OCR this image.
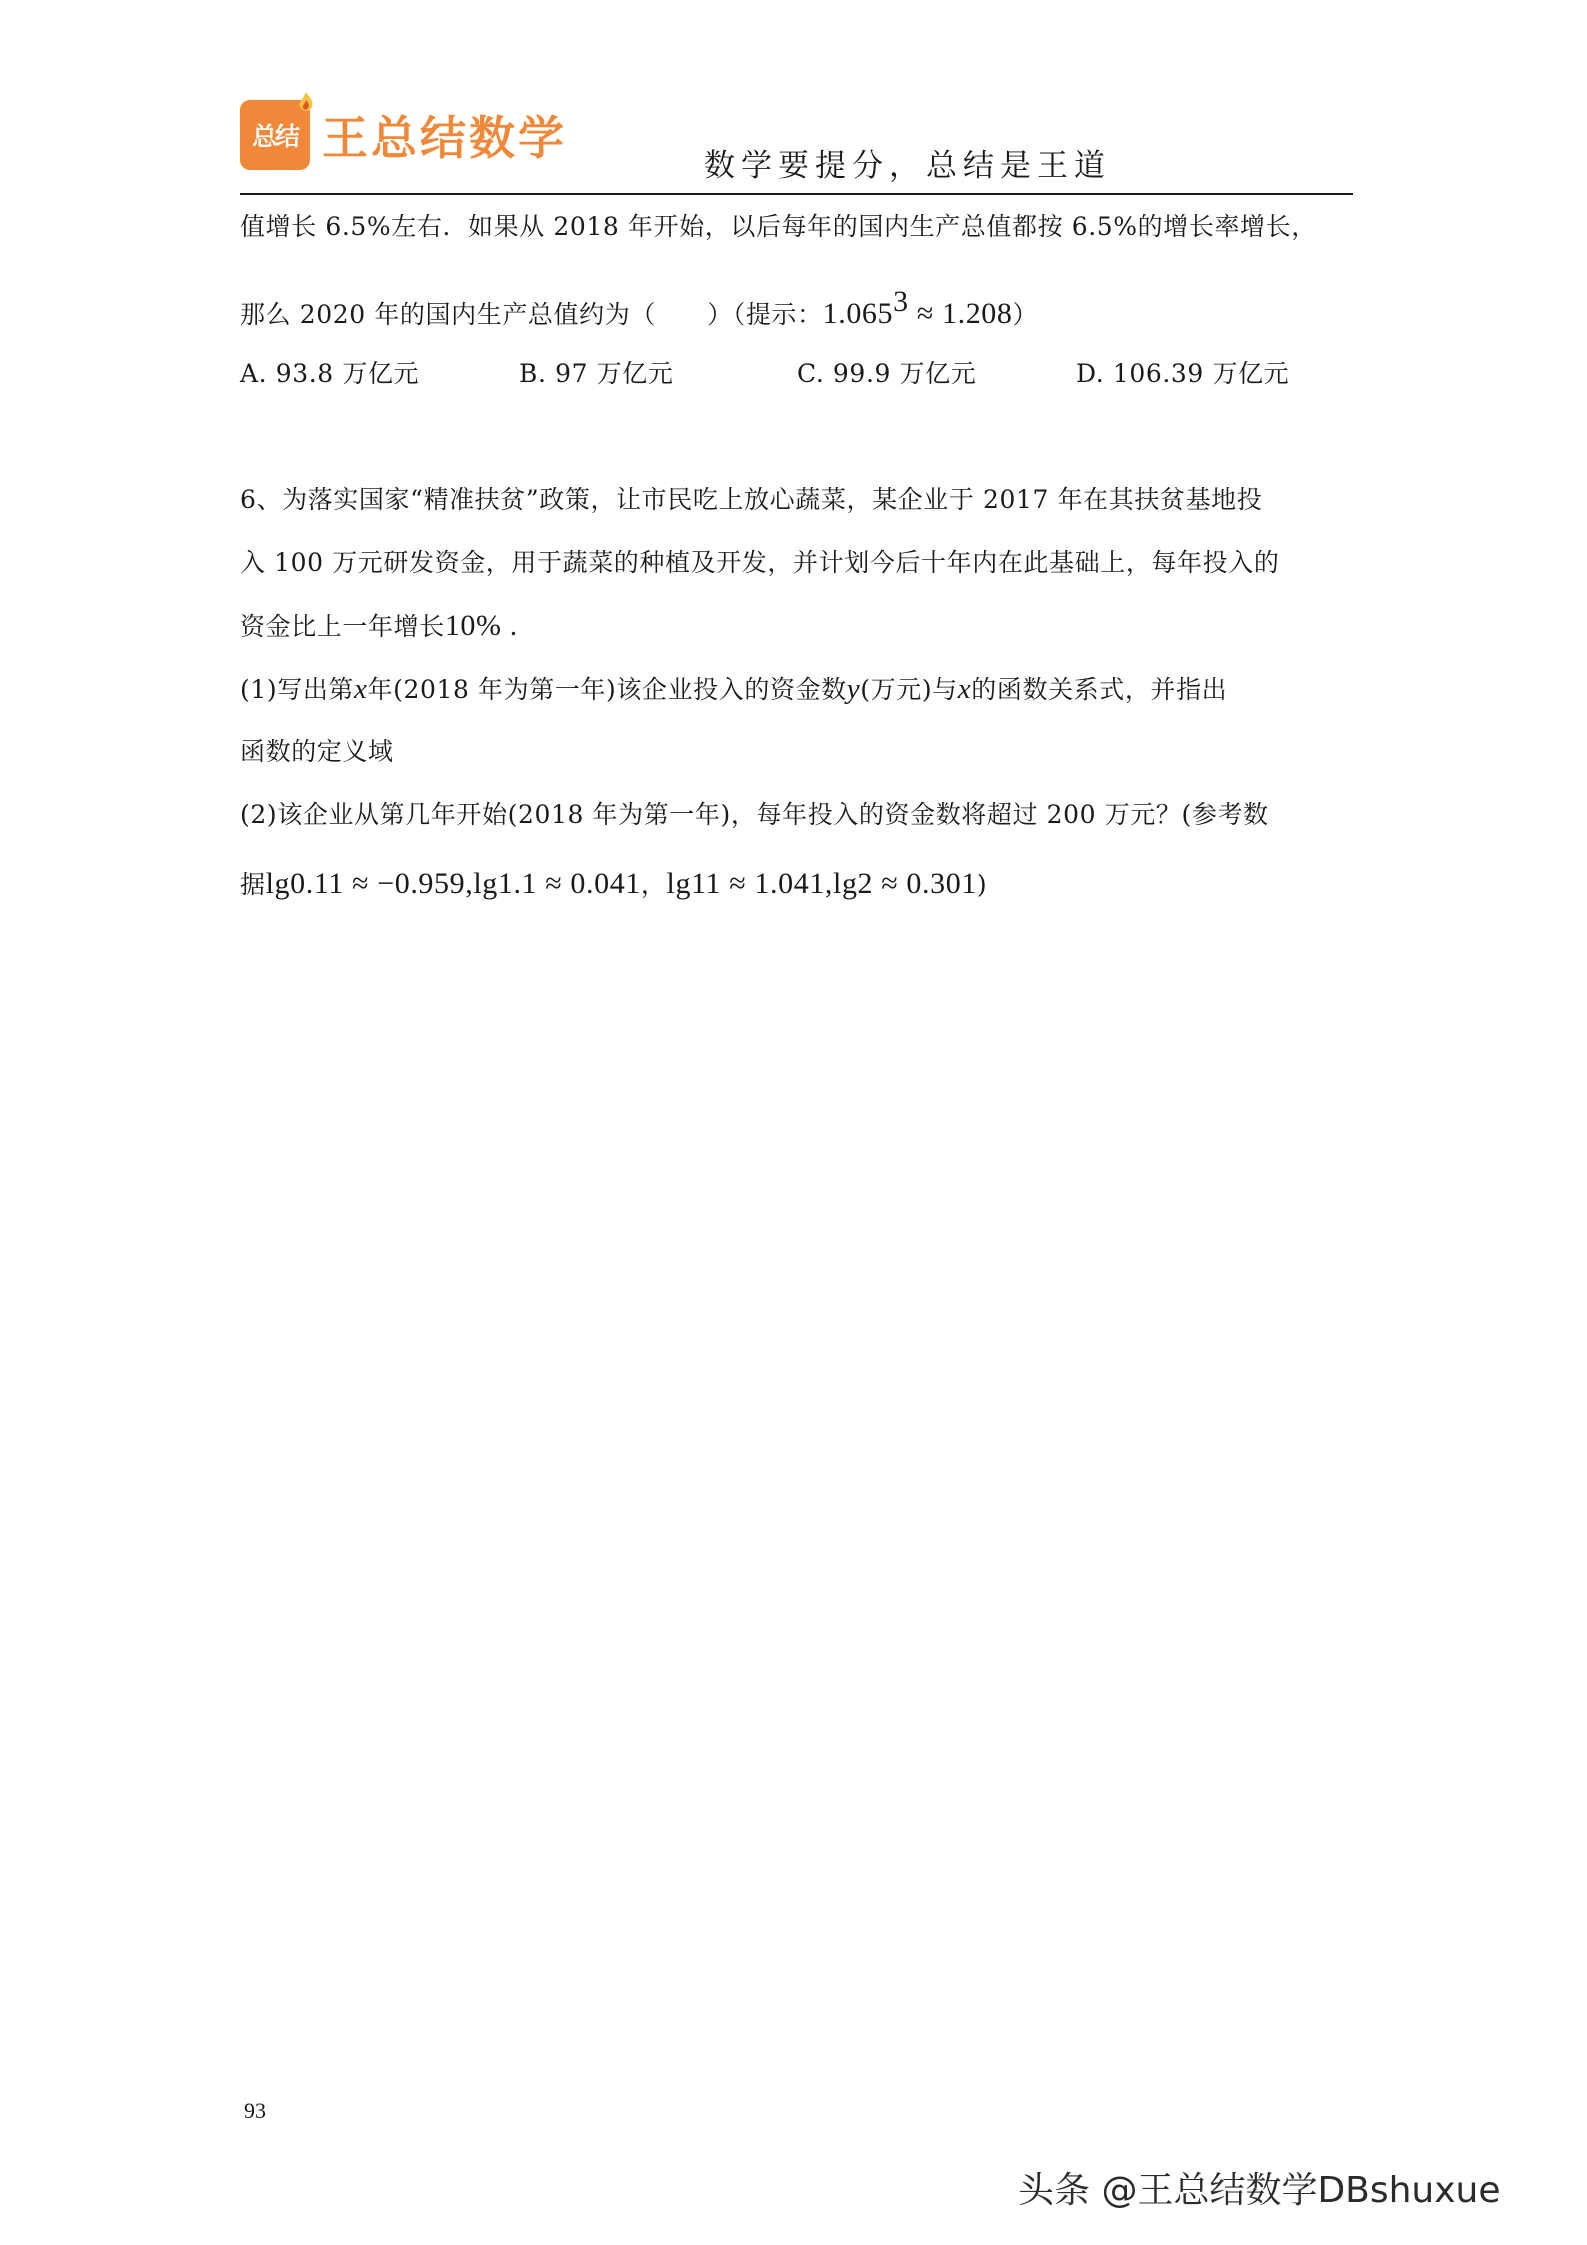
总结 王总结数学
数学要提分，总结是王道
值增长 6.5%左右．如果从 2018 年开始，以后每年的国内生产总值都按 6.5%的增长率增长，
那么 2020 年的国内生产总值约为（　　）（提示：$1.065^3 \approx 1.208$）
A. 93.8 万亿元	B. 97 万亿元	C. 99.9 万亿元	D. 106.39 万亿元
6、为落实国家“精准扶贫”政策，让市民吃上放心蔬菜，某企业于 2017 年在其扶贫基地投
入 100 万元研发资金，用于蔬菜的种植及开发，并计划今后十年内在此基础上，每年投入的
资金比上一年增长10% .
(1)写出第x年(2018 年为第一年)该企业投入的资金数y(万元)与x的函数关系式，并指出
函数的定义域
(2)该企业从第几年开始(2018 年为第一年)，每年投入的资金数将超过 200 万元？(参考数
据lg0.11 ≈ −0.959,lg1.1 ≈ 0.041，lg11 ≈ 1.041,lg2 ≈ 0.301)
93
头条 @王总结数学DBshuxue
